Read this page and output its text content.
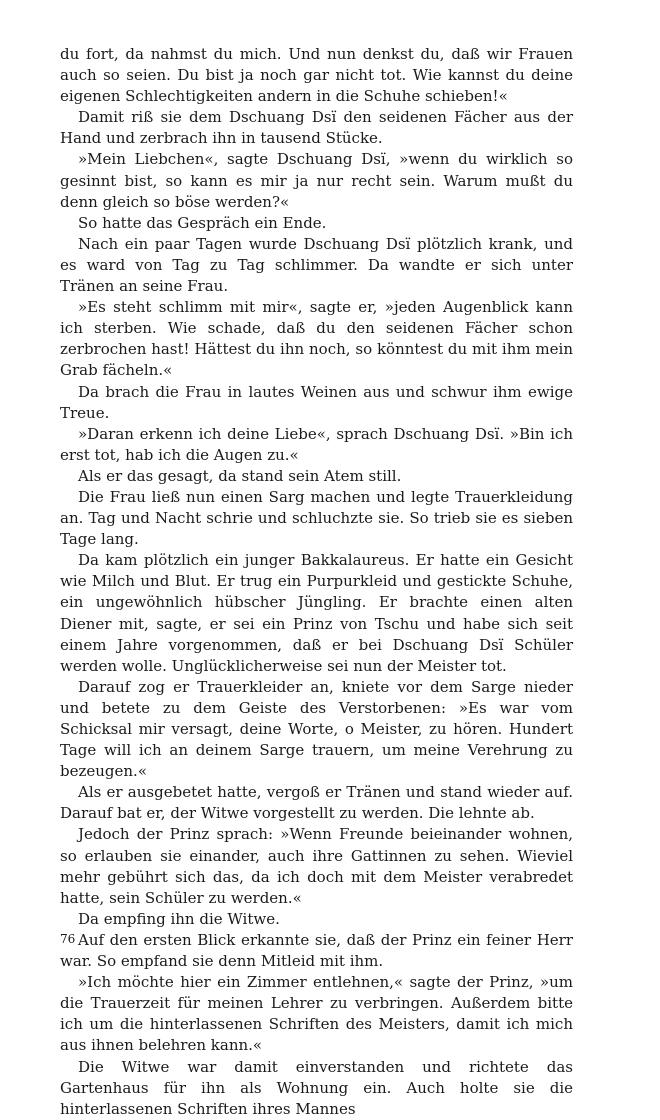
du fort, da nahmst du mich. Und nun denkst du, daß wir Frauen auch so seien. Du bist ja noch gar nicht tot. Wie kannst du deine eigenen Schlechtigkeiten andern in die Schuhe schieben!«

Damit riß sie dem Dschuang Dsï den seidenen Fächer aus der Hand und zerbrach ihn in tausend Stücke.

»Mein Liebchen«, sagte Dschuang Dsï, »wenn du wirklich so gesinnt bist, so kann es mir ja nur recht sein. Warum mußt du denn gleich so böse werden?«

So hatte das Gespräch ein Ende.

Nach ein paar Tagen wurde Dschuang Dsï plötzlich krank, und es ward von Tag zu Tag schlimmer. Da wandte er sich unter Tränen an seine Frau.

»Es steht schlimm mit mir«, sagte er, »jeden Augenblick kann ich sterben. Wie schade, daß du den seidenen Fächer schon zerbrochen hast! Hättest du ihn noch, so könntest du mit ihm mein Grab fächeln.«

Da brach die Frau in lautes Weinen aus und schwur ihm ewige Treue.

»Daran erkenn ich deine Liebe«, sprach Dschuang Dsï. »Bin ich erst tot, hab ich die Augen zu.«

Als er das gesagt, da stand sein Atem still.

Die Frau ließ nun einen Sarg machen und legte Trauerkleidung an. Tag und Nacht schrie und schluchzte sie. So trieb sie es sieben Tage lang.

Da kam plötzlich ein junger Bakkalaureus. Er hatte ein Gesicht wie Milch und Blut. Er trug ein Purpurkleid und gestickte Schuhe, ein ungewöhnlich hübscher Jüngling. Er brachte einen alten Diener mit, sagte, er sei ein Prinz von Tschu und habe sich seit einem Jahre vorgenommen, daß er bei Dschuang Dsï Schüler werden wolle. Unglücklicherweise sei nun der Meister tot.

Darauf zog er Trauerkleider an, kniete vor dem Sarge nieder und betete zu dem Geiste des Verstorbenen: »Es war vom Schicksal mir versagt, deine Worte, o Meister, zu hören. Hundert Tage will ich an deinem Sarge trauern, um meine Verehrung zu bezeugen.«

Als er ausgebetet hatte, vergoß er Tränen und stand wieder auf. Darauf bat er, der Witwe vorgestellt zu werden. Die lehnte ab.

Jedoch der Prinz sprach: »Wenn Freunde beieinander wohnen, so erlauben sie einander, auch ihre Gattinnen zu sehen. Wieviel mehr gebührt sich das, da ich doch mit dem Meister verabredet hatte, sein Schüler zu werden.«

Da empfing ihn die Witwe.

Auf den ersten Blick erkannte sie, daß der Prinz ein feiner Herr war. So empfand sie denn Mitleid mit ihm.

»Ich möchte hier ein Zimmer entlehnen,« sagte der Prinz, »um die Trauerzeit für meinen Lehrer zu verbringen. Außerdem bitte ich um die hinterlassenen Schriften des Meisters, damit ich mich aus ihnen belehren kann.«

Die Witwe war damit einverstanden und richtete das Gartenhaus für ihn als Wohnung ein. Auch holte sie die hinterlassenen Schriften ihres Mannes

76
